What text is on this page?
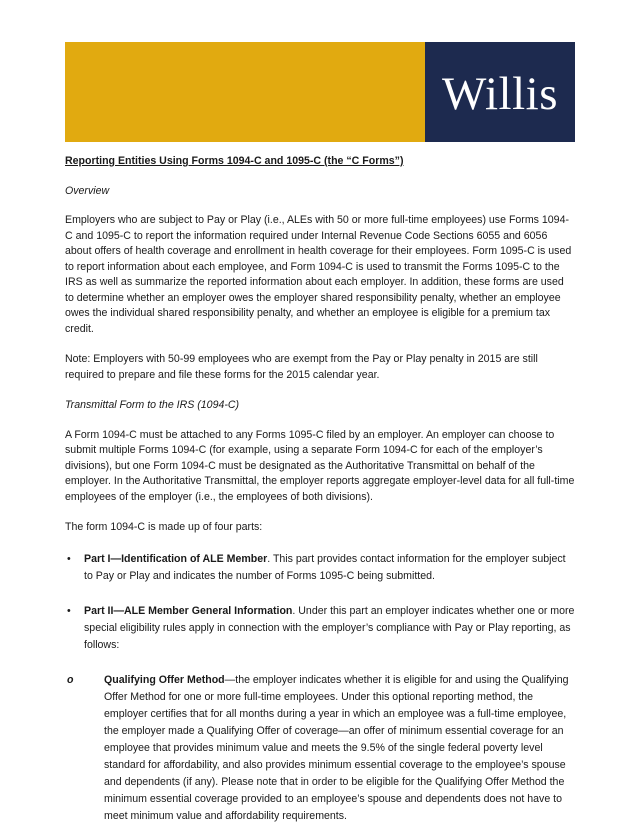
Willis

Reporting Entities Using Forms 1094-C and 1095-C (the “C Forms”)

Overview

Employers who are subject to Pay or Play (i.e., ALEs with 50 or more full-time employees) use Forms 1094-C and 1095-C to report the information required under Internal Revenue Code Sections 6055 and 6056 about offers of health coverage and enrollment in health coverage for their employees. Form 1095-C is used to report information about each employee, and Form 1094-C is used to transmit the Forms 1095-C to the IRS as well as summarize the reported information about each employer. In addition, these forms are used to determine whether an employer owes the employer shared responsibility penalty, whether an employee owes the individual shared responsibility penalty, and whether an employee is eligible for a premium tax credit.

Note: Employers with 50-99 employees who are exempt from the Pay or Play penalty in 2015 are still required to prepare and file these forms for the 2015 calendar year.

Transmittal Form to the IRS (1094-C)

A Form 1094-C must be attached to any Forms 1095-C filed by an employer. An employer can choose to submit multiple Forms 1094-C (for example, using a separate Form 1094-C for each of the employer’s divisions), but one Form 1094-C must be designated as the Authoritative Transmittal on behalf of the employer. In the Authoritative Transmittal, the employer reports aggregate employer-level data for all full-time employees of the employer (i.e., the employees of both divisions).

The form 1094-C is made up of four parts:

• Part I—Identification of ALE Member. This part provides contact information for the employer subject to Pay or Play and indicates the number of Forms 1095-C being submitted.

• Part II—ALE Member General Information. Under this part an employer indicates whether one or more special eligibility rules apply in connection with the employer’s compliance with Pay or Play reporting, as follows:

o	Qualifying Offer Method—the employer indicates whether it is eligible for and using the Qualifying Offer Method for one or more full-time employees. Under this optional reporting method, the employer certifies that for all months during a year in which an employee was a full-time employee, the employer made a Qualifying Offer of coverage—an offer of minimum essential coverage for an employee that provides minimum value and meets the 9.5% of the single federal poverty level standard for affordability, and also provides minimum essential coverage to the employee’s spouse and dependents (if any). Please note that in order to be eligible for the Qualifying Offer Method the minimum essential coverage provided to an employee’s spouse and dependents does not have to meet minimum value and affordability requirements.
